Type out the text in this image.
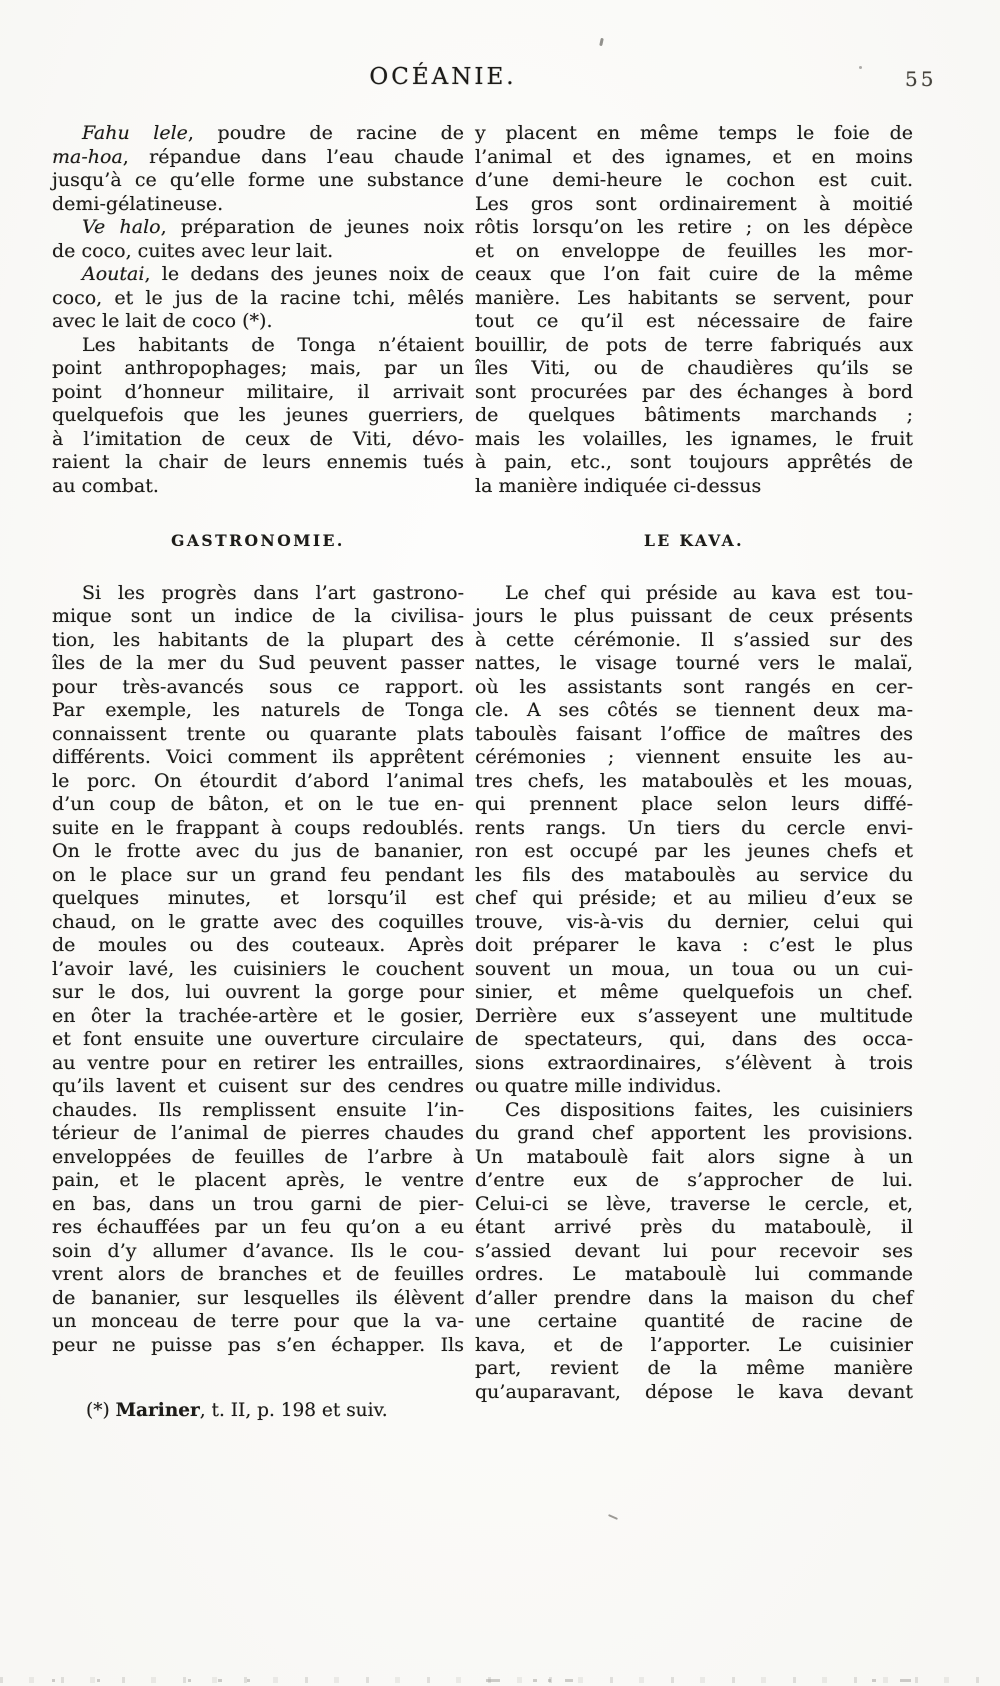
OCÉANIE.	55
Fahu lele, poudre de racine de
ma-hoa, répandue dans l’eau chaude
jusqu’à ce qu’elle forme une substance
demi-gélatineuse.
Ve halo, préparation de jeunes noix
de coco, cuites avec leur lait.
Aoutai, le dedans des jeunes noix de
coco, et le jus de la racine tchi, mêlés
avec le lait de coco (*).
Les habitants de Tonga n’étaient
point anthropophages; mais, par un
point d’honneur militaire, il arrivait
quelquefois que les jeunes guerriers,
à l’imitation de ceux de Viti, dévo-
raient la chair de leurs ennemis tués
au combat.
GASTRONOMIE.
Si les progrès dans l’art gastrono-
mique sont un indice de la civilisa-
tion, les habitants de la plupart des
îles de la mer du Sud peuvent passer
pour très-avancés sous ce rapport.
Par exemple, les naturels de Tonga
connaissent trente ou quarante plats
différents. Voici comment ils apprêtent
le porc. On étourdit d’abord l’animal
d’un coup de bâton, et on le tue en-
suite en le frappant à coups redoublés.
On le frotte avec du jus de bananier,
on le place sur un grand feu pendant
quelques minutes, et lorsqu’il est
chaud, on le gratte avec des coquilles
de moules ou des couteaux. Après
l’avoir lavé, les cuisiniers le couchent
sur le dos, lui ouvrent la gorge pour
en ôter la trachée-artère et le gosier,
et font ensuite une ouverture circulaire
au ventre pour en retirer les entrailles,
qu’ils lavent et cuisent sur des cendres
chaudes. Ils remplissent ensuite l’in-
térieur de l’animal de pierres chaudes
enveloppées de feuilles de l’arbre à
pain, et le placent après, le ventre
en bas, dans un trou garni de pier-
res échauffées par un feu qu’on a eu
soin d’y allumer d’avance. Ils le cou-
vrent alors de branches et de feuilles
de bananier, sur lesquelles ils élèvent
un monceau de terre pour que la va-
peur ne puisse pas s’en échapper. Ils
(*) Mariner, t. II, p. 198 et suiv.
y placent en même temps le foie de
l’animal et des ignames, et en moins
d’une demi-heure le cochon est cuit.
Les gros sont ordinairement à moitié
rôtis lorsqu’on les retire ; on les dépèce
et on enveloppe de feuilles les mor-
ceaux que l’on fait cuire de la même
manière. Les habitants se servent, pour
tout ce qu’il est nécessaire de faire
bouillir, de pots de terre fabriqués aux
îles Viti, ou de chaudières qu’ils se
sont procurées par des échanges à bord
de quelques bâtiments marchands ;
mais les volailles, les ignames, le fruit
à pain, etc., sont toujours apprêtés de
la manière indiquée ci-dessus
LE KAVA.
Le chef qui préside au kava est tou-
jours le plus puissant de ceux présents
à cette cérémonie. Il s’assied sur des
nattes, le visage tourné vers le malaï,
où les assistants sont rangés en cer-
cle. A ses côtés se tiennent deux ma-
taboulès faisant l’office de maîtres des
cérémonies ; viennent ensuite les au-
tres chefs, les mataboulès et les mouas,
qui prennent place selon leurs diffé-
rents rangs. Un tiers du cercle envi-
ron est occupé par les jeunes chefs et
les fils des mataboulès au service du
chef qui préside; et au milieu d’eux se
trouve, vis-à-vis du dernier, celui qui
doit préparer le kava : c’est le plus
souvent un moua, un toua ou un cui-
sinier, et même quelquefois un chef.
Derrière eux s’asseyent une multitude
de spectateurs, qui, dans des occa-
sions extraordinaires, s’élèvent à trois
ou quatre mille individus.
Ces dispositions faites, les cuisiniers
du grand chef apportent les provisions.
Un mataboulè fait alors signe à un
d’entre eux de s’approcher de lui.
Celui-ci se lève, traverse le cercle, et,
étant arrivé près du mataboulè, il
s’assied devant lui pour recevoir ses
ordres. Le mataboulè lui commande
d’aller prendre dans la maison du chef
une certaine quantité de racine de
kava, et de l’apporter. Le cuisinier
part, revient de la même manière
qu’auparavant, dépose le kava devant
